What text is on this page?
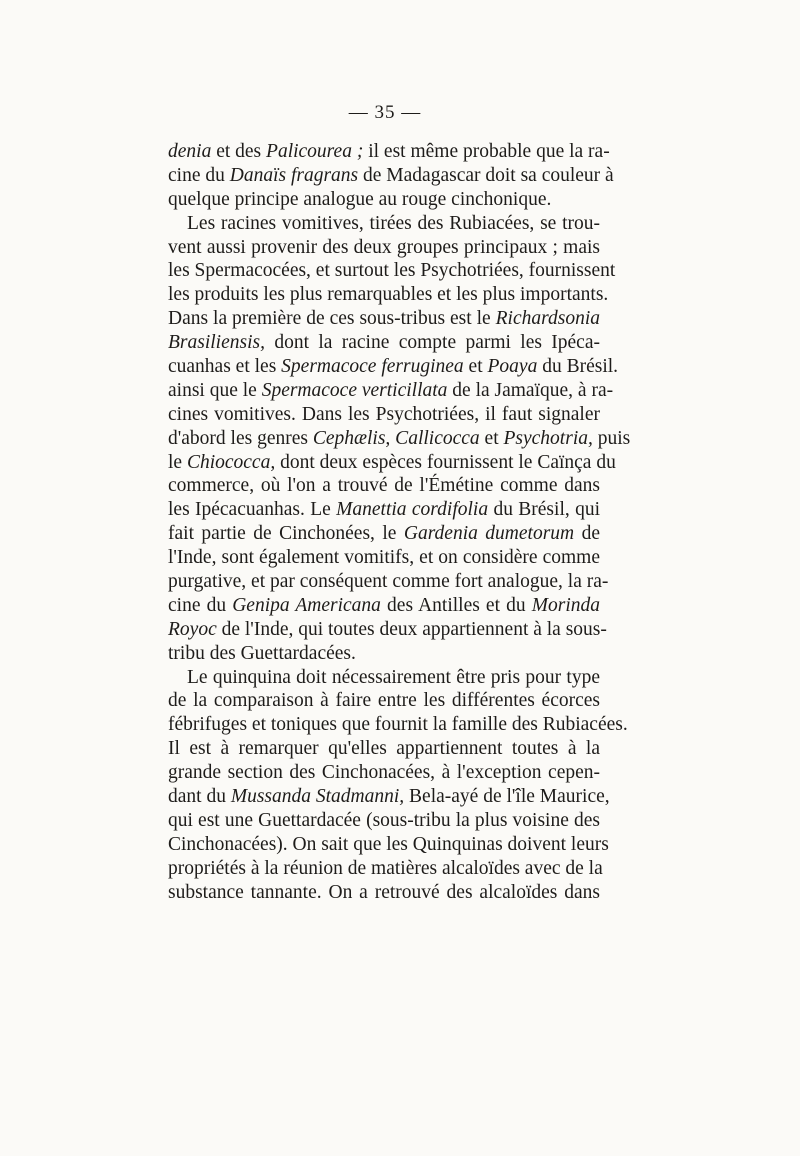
— 35 —
denia et des Palicourea ; il est même probable que la ra-
cine du Danaïs fragrans de Madagascar doit sa couleur à
quelque principe analogue au rouge cinchonique.
Les racines vomitives, tirées des Rubiacées, se trou-
vent aussi provenir des deux groupes principaux ; mais
les Spermacocées, et surtout les Psychotriées, fournissent
les produits les plus remarquables et les plus importants.
Dans la première de ces sous-tribus est le Richardsonia
Brasiliensis, dont la racine compte parmi les Ipéca-
cuanhas et les Spermacoce ferruginea et Poaya du Brésil.
ainsi que le Spermacoce verticillata de la Jamaïque, à ra-
cines vomitives. Dans les Psychotriées, il faut signaler
d'abord les genres Cephælis, Callicocca et Psychotria, puis
le Chiococca, dont deux espèces fournissent le Caïnça du
commerce, où l'on a trouvé de l'Émétine comme dans
les Ipécacuanhas. Le Manettia cordifolia du Brésil, qui
fait partie de Cinchonées, le Gardenia dumetorum de
l'Inde, sont également vomitifs, et on considère comme
purgative, et par conséquent comme fort analogue, la ra-
cine du Genipa Americana des Antilles et du Morinda
Royoc de l'Inde, qui toutes deux appartiennent à la sous-
tribu des Guettardacées.
Le quinquina doit nécessairement être pris pour type
de la comparaison à faire entre les différentes écorces
fébrifuges et toniques que fournit la famille des Rubiacées.
Il est à remarquer qu'elles appartiennent toutes à la
grande section des Cinchonacées, à l'exception cepen-
dant du Mussanda Stadmanni, Bela-ayé de l'île Maurice,
qui est une Guettardacée (sous-tribu la plus voisine des
Cinchonacées). On sait que les Quinquinas doivent leurs
propriétés à la réunion de matières alcaloïdes avec de la
substance tannante. On a retrouvé des alcaloïdes dans
